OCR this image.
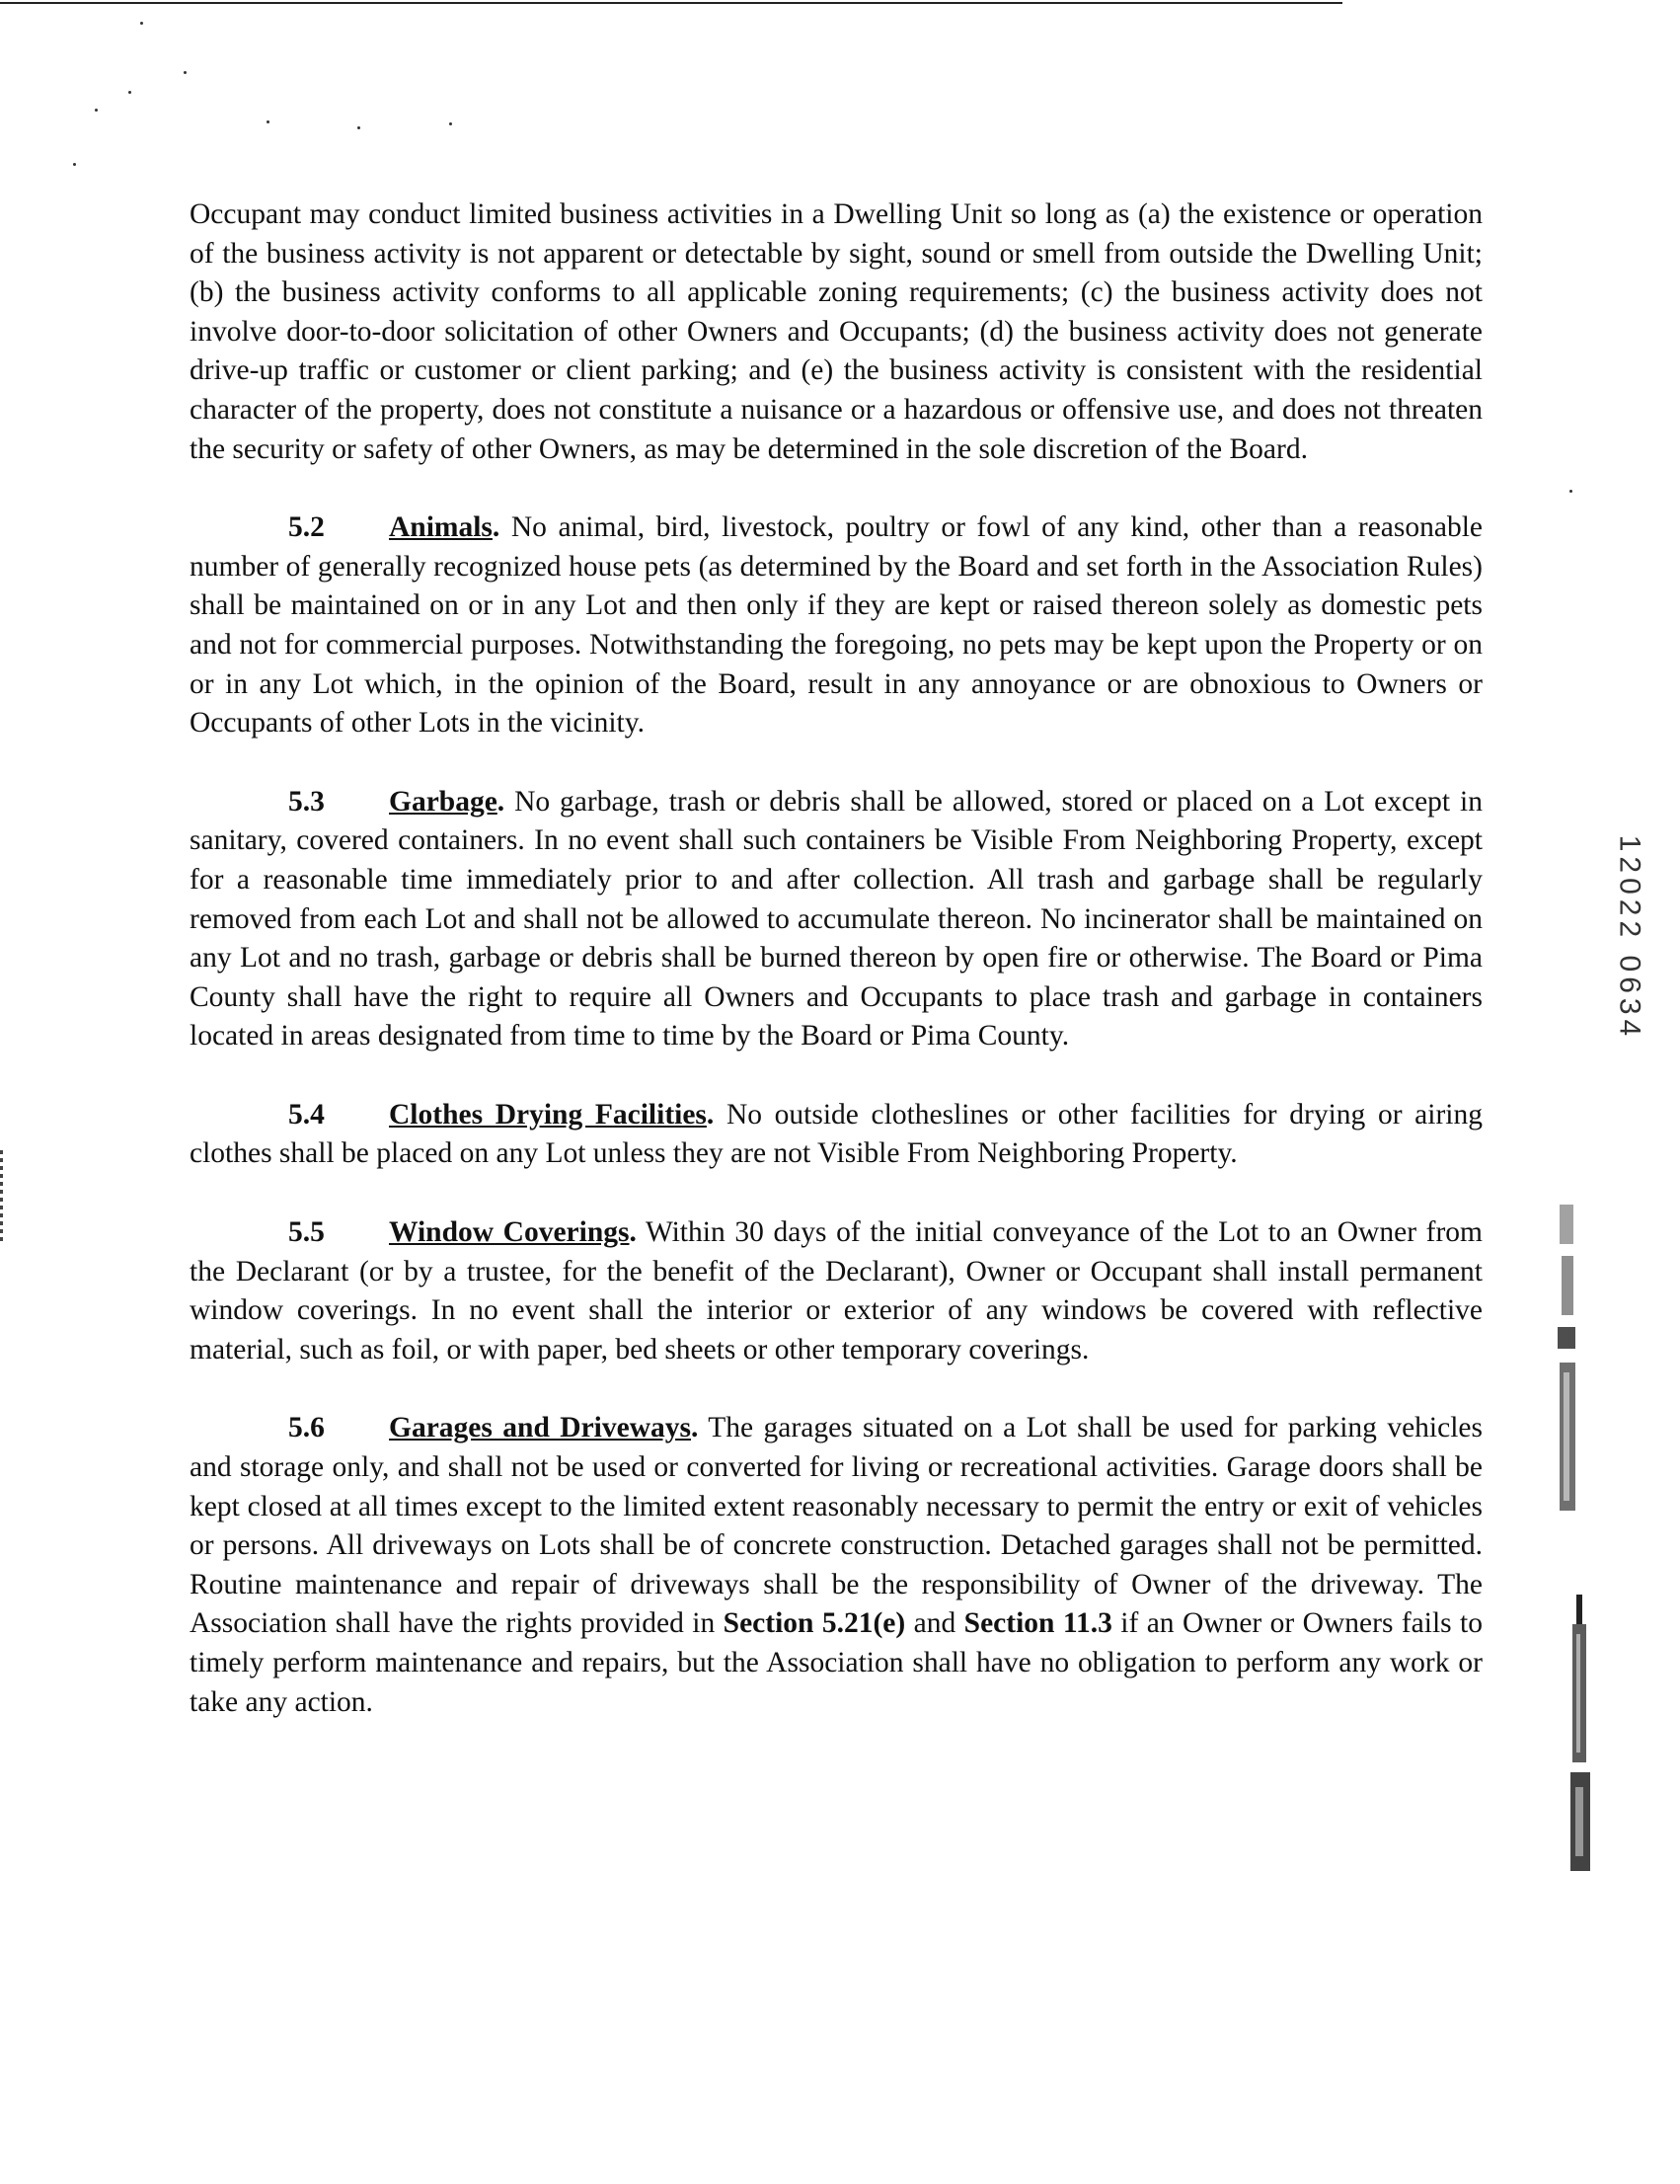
Occupant may conduct limited business activities in a Dwelling Unit so long as (a) the existence or operation of the business activity is not apparent or detectable by sight, sound or smell from outside the Dwelling Unit; (b) the business activity conforms to all applicable zoning requirements; (c) the business activity does not involve door-to-door solicitation of other Owners and Occupants; (d) the business activity does not generate drive-up traffic or customer or client parking; and (e) the business activity is consistent with the residential character of the property, does not constitute a nuisance or a hazardous or offensive use, and does not threaten the security or safety of other Owners, as may be determined in the sole discretion of the Board.

5.2 Animals. No animal, bird, livestock, poultry or fowl of any kind, other than a reasonable number of generally recognized house pets (as determined by the Board and set forth in the Association Rules) shall be maintained on or in any Lot and then only if they are kept or raised thereon solely as domestic pets and not for commercial purposes. Notwithstanding the foregoing, no pets may be kept upon the Property or on or in any Lot which, in the opinion of the Board, result in any annoyance or are obnoxious to Owners or Occupants of other Lots in the vicinity.

5.3 Garbage. No garbage, trash or debris shall be allowed, stored or placed on a Lot except in sanitary, covered containers. In no event shall such containers be Visible From Neighboring Property, except for a reasonable time immediately prior to and after collection. All trash and garbage shall be regularly removed from each Lot and shall not be allowed to accumulate thereon. No incinerator shall be maintained on any Lot and no trash, garbage or debris shall be burned thereon by open fire or otherwise. The Board or Pima County shall have the right to require all Owners and Occupants to place trash and garbage in containers located in areas designated from time to time by the Board or Pima County.

5.4 Clothes Drying Facilities. No outside clotheslines or other facilities for drying or airing clothes shall be placed on any Lot unless they are not Visible From Neighboring Property.

5.5 Window Coverings. Within 30 days of the initial conveyance of the Lot to an Owner from the Declarant (or by a trustee, for the benefit of the Declarant), Owner or Occupant shall install permanent window coverings. In no event shall the interior or exterior of any windows be covered with reflective material, such as foil, or with paper, bed sheets or other temporary coverings.

5.6 Garages and Driveways. The garages situated on a Lot shall be used for parking vehicles and storage only, and shall not be used or converted for living or recreational activities. Garage doors shall be kept closed at all times except to the limited extent reasonably necessary to permit the entry or exit of vehicles or persons. All driveways on Lots shall be of concrete construction. Detached garages shall not be permitted. Routine maintenance and repair of driveways shall be the responsibility of Owner of the driveway. The Association shall have the rights provided in Section 5.21(e) and Section 11.3 if an Owner or Owners fails to timely perform maintenance and repairs, but the Association shall have no obligation to perform any work or take any action.

12022 0634
